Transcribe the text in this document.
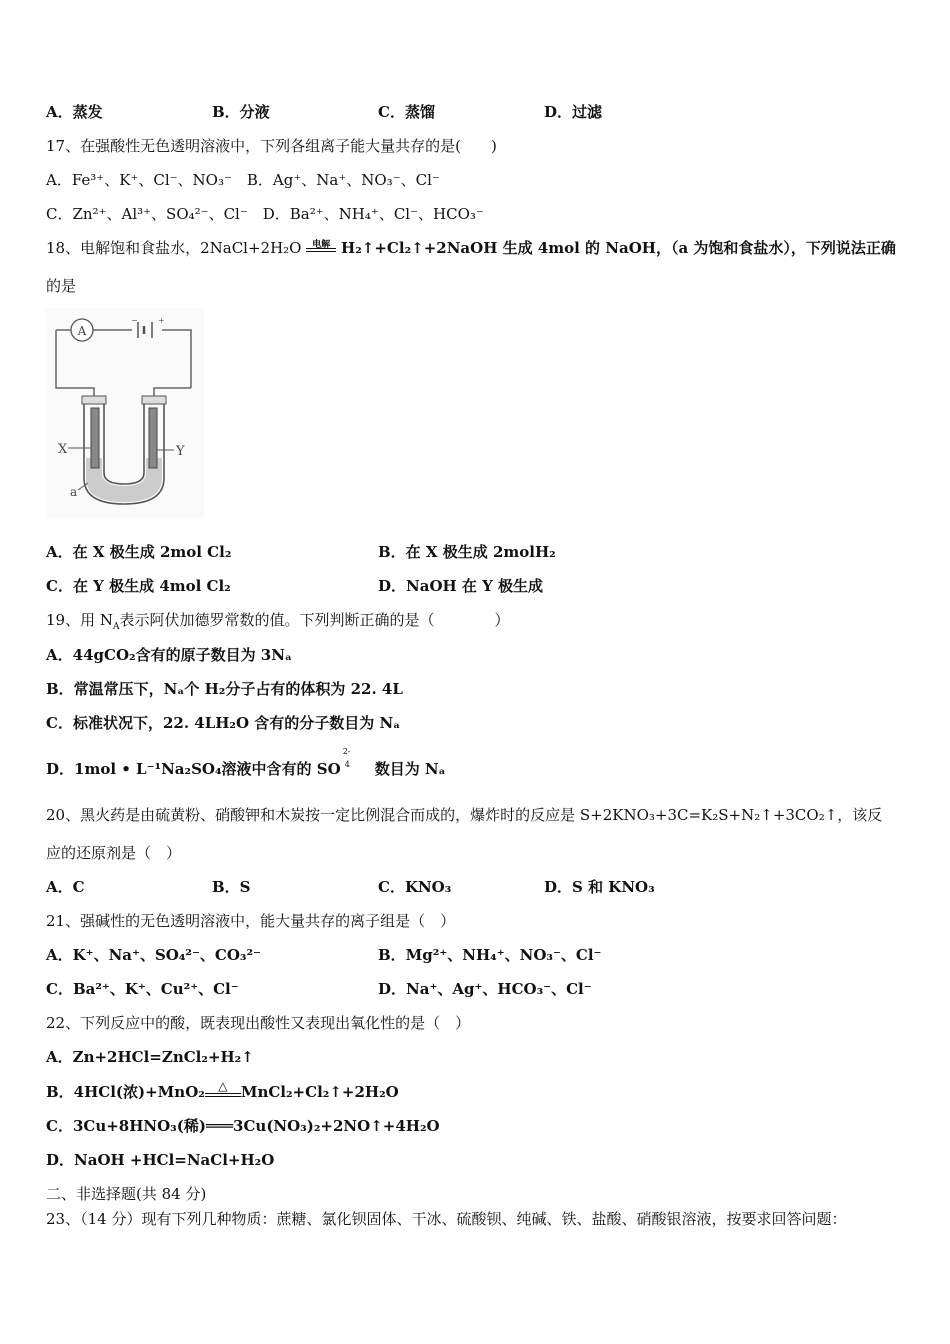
A．蒸发	B．分液	C．蒸馏	D．过滤
17、在强酸性无色透明溶液中，下列各组离子能大量共存的是(　　)
A．Fe³⁺、K⁺、Cl⁻、NO₃⁻　B．Ag⁺、Na⁺、NO₃⁻、Cl⁻
C．Zn²⁺、Al³⁺、SO₄²⁻、Cl⁻　D．Ba²⁺、NH₄⁺、Cl⁻、HCO₃⁻
18、电解饱和食盐水，2NaCl+2H₂O	电解 H₂↑+Cl₂↑+2NaOH 生成 4mol 的 NaOH，（a 为饱和食盐水），下列说法正确
的是
A
−	+
X	Y
a
A．在 X 极生成 2mol Cl₂	B．在 X 极生成 2molH₂
C．在 Y 极生成 4mol Cl₂	D．NaOH 在 Y 极生成
19、用 $N_A$表示阿伏加德罗常数的值。下列判断正确的是（　　　　）
A．44gCO₂含有的原子数目为 3Nₐ
B．常温常压下，Nₐ个 H₂分子占有的体积为 22. 4L
C．标准状况下，22. 4LH₂O 含有的分子数目为 Nₐ
D．1mol • L⁻¹Na₂SO₄溶液中含有的 SO
2-
4 数目为 Nₐ
20、黑火药是由硫黄粉、硝酸钾和木炭按一定比例混合而成的，爆炸时的反应是 S+2KNO₃+3C=K₂S+N₂↑+3CO₂↑，该反
应的还原剂是（　）
A．C	B．S	C．KNO₃	D．S 和 KNO₃
21、强碱性的无色透明溶液中，能大量共存的离子组是（　）
A．K⁺、Na⁺、SO₄²⁻、CO₃²⁻	B．Mg²⁺、NH₄⁺、NO₃⁻、Cl⁻
C．Ba²⁺、K⁺、Cu²⁺、Cl⁻	D．Na⁺、Ag⁺、HCO₃⁻、Cl⁻
22、下列反应中的酸，既表现出酸性又表现出氧化性的是（　）
A．Zn+2HCl=ZnCl₂+H₂↑
B．4HCl(浓)+MnO₂	△ MnCl₂+Cl₂↑+2H₂O
C．3Cu+8HNO₃(稀)═══3Cu(NO₃)₂+2NO↑+4H₂O
D．NaOH +HCl=NaCl+H₂O
二、非选择题(共 84 分)
23、（14 分）现有下列几种物质：蔗糖、氯化钡固体、干冰、硫酸钡、纯碱、铁、盐酸、硝酸银溶液，按要求回答问题：
